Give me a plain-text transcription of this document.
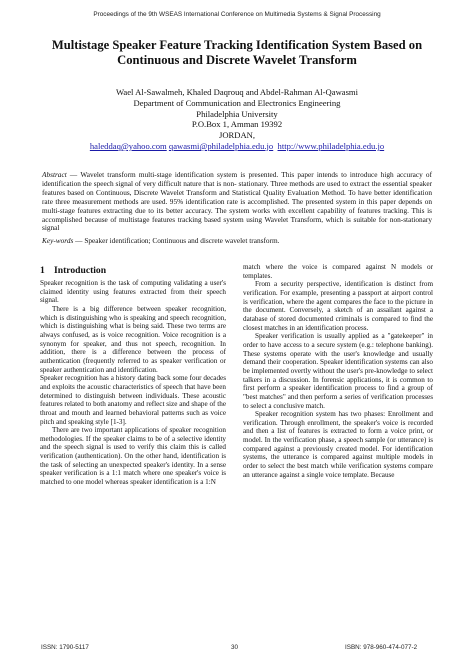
Proceedings of the 9th WSEAS International Conference on Multimedia Systems & Signal Processing
Multistage Speaker Feature Tracking Identification System Based on
Continuous and Discrete Wavelet Transform
Wael Al-Sawalmeh, Khaled Daqrouq and Abdel-Rahman Al-Qawasmi
Department of Communication and Electronics Engineering
Philadelphia University
P.O.Box 1, Amman 19392
JORDAN,
haleddaq@yahoo.com qawasmi@philadelphia.edu.jo http://www.philadelphia.edu.jo
Abstract — Wavelet transform multi-stage identification system is presented. This paper intends to introduce high accuracy of identification the speech signal of very difficult nature that is non- stationary. Three methods are used to extract the essential speaker features based on Continuous, Discrete Wavelet Transform and Statistical Quality Evaluation Method. To have better identification rate three measurement methods are used. 95% identification rate is accomplished. The presented system in this paper depends on multi-stage features extracting due to its better accuracy. The system works with excellent capability of features tracking. This is accomplished because of multistage features tracking based system using Wavelet Transform, which is suitable for non-stationary signal
Key-words — Speaker identification; Continuous and discrete wavelet transform.
1 Introduction

Speaker recognition is the task of computing validating a user's claimed identity using features extracted from their speech signal.

There is a big difference between speaker recognition, which is distinguishing who is speaking and speech recognition, which is distinguishing what is being said. These two terms are always confused, as is voice recognition. Voice recognition is a synonym for speaker, and thus not speech, recognition. In addition, there is a difference between the process of authentication (frequently referred to as speaker verification or speaker authentication and identification.

Speaker recognition has a history dating back some four decades and exploits the acoustic characteristics of speech that have been determined to distinguish between individuals. These acoustic features related to both anatomy and reflect size and shape of the throat and mouth and learned behavioral patterns such as voice pitch and speaking style [1-3].

There are two important applications of speaker recognition methodologies. If the speaker claims to be of a selective identity and the speech signal is used to verify this claim this is called verification (authentication). On the other hand, identification is the task of selecting an unexpected speaker's identity. In a sense speaker verification is a 1:1 match where one speaker's voice is matched to one model whereas speaker identification is a 1:N

match where the voice is compared against N models or templates.

From a security perspective, identification is distinct from verification. For example, presenting a passport at airport control is verification, where the agent compares the face to the picture in the document. Conversely, a sketch of an assailant against a database of stored documented criminals is compared to find the closest matches in an identification process.

Speaker verification is usually applied as a "gatekeeper" in order to have access to a secure system (e.g.: telephone banking). These systems operate with the user's knowledge and usually demand their cooperation. Speaker identification systems can also be implemented overtly without the user's pre-knowledge to select talkers in a discussion. In forensic applications, it is common to first perform a speaker identification process to find a group of "best matches" and then perform a series of verification processes to select a conclusive match.

Speaker recognition system has two phases: Enrollment and verification. Through enrollment, the speaker's voice is recorded and then a list of features is extracted to form a voice print, or model. In the verification phase, a speech sample (or utterance) is compared against a previously created model. For identification systems, the utterance is compared against multiple models in order to select the best match while verification systems compare an utterance against a single voice template. Because

ISSN: 1790-5117	30	ISBN: 978-960-474-077-2
